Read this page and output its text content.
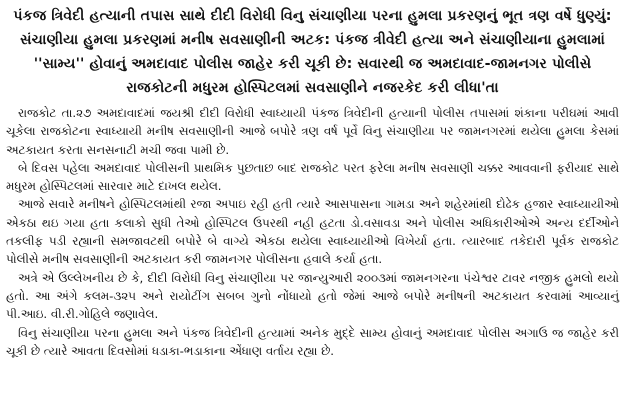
પંકજ ત્રિવેદી હત્યાની તપાસ સાથે દીદી વિરોધી વિનુ સંચાણીયા પરના હુમલા પ્રકરણનું ભૂત ત્રણ વર્ષે ધુણ્યું: સંચાણીયા હુમલા પ્રકરણમાં મનીષ સવસાણીની અટક: પંકજ ત્રીવેદી હત્યા અને સંચાણીયાના હુમલામાં ''સામ્ય'' હોવાનું અમદાવાદ પોલીસ જાહેર કરી ચૂકી છે: સવારથી જ અમદાવાદ-જામનગર પોલીસે રાજકોટની મધુરમ હોસ્પિટલમાં સવસાણીને નજરકેદ કરી લીધા'તા

રાજકોટ તા.૨૭ અમદાવાદમાં જયશ્રી દીદી વિરોધી સ્વાધ્યાયી પંકજ ત્રિવેદીની હત્યાની પોલીસ તપાસમાં શંકાના પરીઘમાં આવી ચૂકેલા રાજકોટના સ્વાધ્યાયી મનીષ સવસાણીની આજે બપોરે ત્રણ વર્ષ પૂર્વે વિનુ સંચાણીયા પર જામનગરમાં થયેલા હુમલા કેસમાં અટકાયત કરતા સનસનાટી મચી જવા પામી છે.

બે દિવસ પહેલા અમદાવાદ પોલીસની પ્રાથમિક પુછતાછ બાદ રાજકોટ પરત ફરેલા મનીષ સવસાણી ચક્કર આવવાની ફરીયાદ સાથે મધુરમ હોસ્પિટલમાં સારવાર માટે દાખલ થયેલ.

આજે સવારે મનીષને હોસ્પિટલમાંથી રજા અપાઇ રહી હતી ત્યારે આસપાસના ગામડા અને શહેરમાંથી દોઢેક હજાર સ્વાધ્યાયીઓ એકઠા થઇ ગયા હતા કલાકો સુધી તેઓ હોસ્પિટલ ઉપરથી નહી હટતા ડો.વસાવડા અને પોલીસ અધિકારીઓએ અન્ય દર્દીઓને તકલીફ પડી રહ્યાની સમજાવટથી બપોરે બે વાગ્યે એકઠા થયેલા સ્વાધ્યાયીઓ વિખેર્યા હતા. ત્યારબાદ તકેદારી પૂર્વક રાજકોટ પોલીસે મનીષ સવસાણીની અટકાયત કરી જામનગર પોલીસના હવાલે કર્યા હતા.

અત્રે એ ઉલ્લેખનીય છે કે, દીદી વિરોધી વિનુ સંચાણીયા પર જાન્યુઆરી ૨૦૦૩માં જામનગરના પંચેશ્વર ટાવર નજીક હુમલો થયો હતો. આ અંગે કલમ-૩૨૫ અને રાયોટીંગ સબબ ગુનો નોંધાયો હતો જેમાં આજે બપોરે મનીષની અટકાયત કરવામાં આવ્યાનું પી.આઇ. વી.રી.ગોહિલે જણાવેલ.

વિનુ સંચાણીયા પરના હુમલા અને પંકજ ત્રિવેદીની હત્યામાં અનેક મુદ્દે સામ્ય હોવાનું અમદાવાદ પોલીસ અગાઉ જ જાહેર કરી ચૂકી છે ત્યારે આવતા દિવસોમાં ધડાકા-ભડાકાના એંધાણ વર્તાય રહ્યા છે.
